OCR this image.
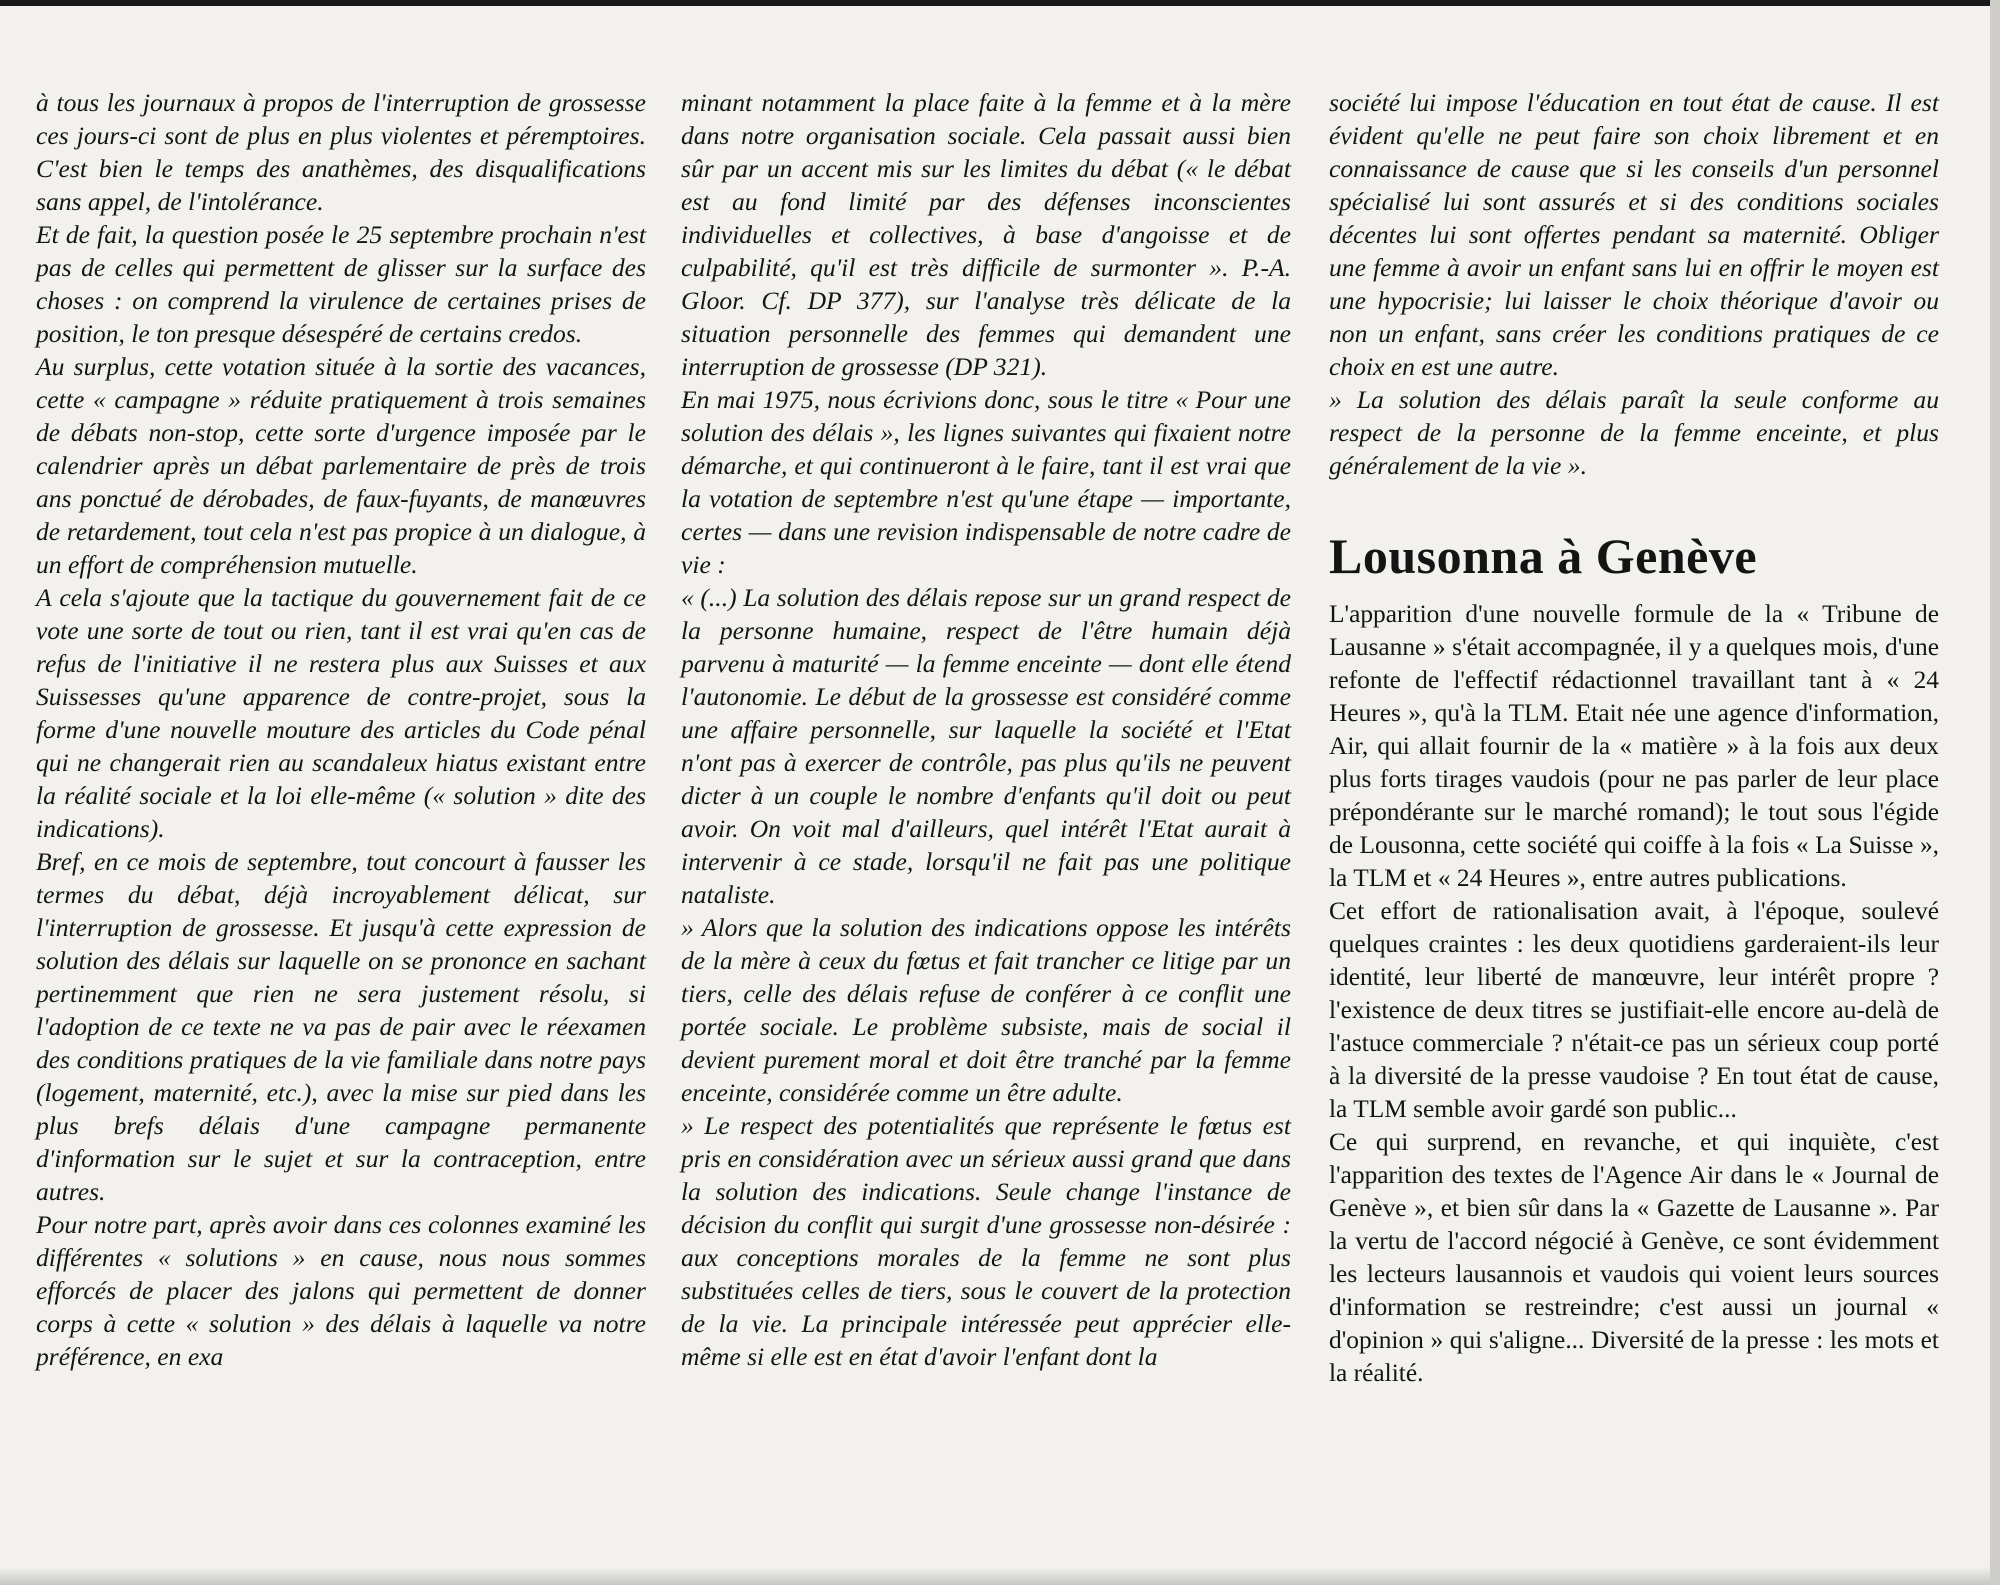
à tous les journaux à propos de l'interruption de grossesse ces jours-ci sont de plus en plus violentes et péremptoires. C'est bien le temps des anathèmes, des disqualifications sans appel, de l'intolérance.

Et de fait, la question posée le 25 septembre prochain n'est pas de celles qui permettent de glisser sur la surface des choses : on comprend la virulence de certaines prises de position, le ton presque désespéré de certains credos.

Au surplus, cette votation située à la sortie des vacances, cette « campagne » réduite pratiquement à trois semaines de débats non-stop, cette sorte d'urgence imposée par le calendrier après un débat parlementaire de près de trois ans ponctué de dérobades, de faux-fuyants, de manœuvres de retardement, tout cela n'est pas propice à un dialogue, à un effort de compréhension mutuelle.

A cela s'ajoute que la tactique du gouvernement fait de ce vote une sorte de tout ou rien, tant il est vrai qu'en cas de refus de l'initiative il ne restera plus aux Suisses et aux Suissesses qu'une apparence de contre-projet, sous la forme d'une nouvelle mouture des articles du Code pénal qui ne changerait rien au scandaleux hiatus existant entre la réalité sociale et la loi elle-même (« solution » dite des indications).

Bref, en ce mois de septembre, tout concourt à fausser les termes du débat, déjà incroyablement délicat, sur l'interruption de grossesse. Et jusqu'à cette expression de solution des délais sur laquelle on se prononce en sachant pertinemment que rien ne sera justement résolu, si l'adoption de ce texte ne va pas de pair avec le réexamen des conditions pratiques de la vie familiale dans notre pays (logement, maternité, etc.), avec la mise sur pied dans les plus brefs délais d'une campagne permanente d'information sur le sujet et sur la contraception, entre autres.

Pour notre part, après avoir dans ces colonnes examiné les différentes « solutions » en cause, nous nous sommes efforcés de placer des jalons qui permettent de donner corps à cette « solution » des délais à laquelle va notre préférence, en exa

minant notamment la place faite à la femme et à la mère dans notre organisation sociale. Cela passait aussi bien sûr par un accent mis sur les limites du débat (« le débat est au fond limité par des défenses inconscientes individuelles et collectives, à base d'angoisse et de culpabilité, qu'il est très difficile de surmonter ». P.-A. Gloor. Cf. DP 377), sur l'analyse très délicate de la situation personnelle des femmes qui demandent une interruption de grossesse (DP 321).

En mai 1975, nous écrivions donc, sous le titre « Pour une solution des délais », les lignes suivantes qui fixaient notre démarche, et qui continueront à le faire, tant il est vrai que la votation de septembre n'est qu'une étape — importante, certes — dans une revision indispensable de notre cadre de vie :

« (...) La solution des délais repose sur un grand respect de la personne humaine, respect de l'être humain déjà parvenu à maturité — la femme enceinte — dont elle étend l'autonomie. Le début de la grossesse est considéré comme une affaire personnelle, sur laquelle la société et l'Etat n'ont pas à exercer de contrôle, pas plus qu'ils ne peuvent dicter à un couple le nombre d'enfants qu'il doit ou peut avoir. On voit mal d'ailleurs, quel intérêt l'Etat aurait à intervenir à ce stade, lorsqu'il ne fait pas une politique nataliste.

» Alors que la solution des indications oppose les intérêts de la mère à ceux du fœtus et fait trancher ce litige par un tiers, celle des délais refuse de conférer à ce conflit une portée sociale. Le problème subsiste, mais de social il devient purement moral et doit être tranché par la femme enceinte, considérée comme un être adulte.

» Le respect des potentialités que représente le fœtus est pris en considération avec un sérieux aussi grand que dans la solution des indications. Seule change l'instance de décision du conflit qui surgit d'une grossesse non-désirée : aux conceptions morales de la femme ne sont plus substituées celles de tiers, sous le couvert de la protection de la vie. La principale intéressée peut apprécier elle-même si elle est en état d'avoir l'enfant dont la

société lui impose l'éducation en tout état de cause. Il est évident qu'elle ne peut faire son choix librement et en connaissance de cause que si les conseils d'un personnel spécialisé lui sont assurés et si des conditions sociales décentes lui sont offertes pendant sa maternité. Obliger une femme à avoir un enfant sans lui en offrir le moyen est une hypocrisie; lui laisser le choix théorique d'avoir ou non un enfant, sans créer les conditions pratiques de ce choix en est une autre.

» La solution des délais paraît la seule conforme au respect de la personne de la femme enceinte, et plus généralement de la vie ».

Lousonna à Genève

L'apparition d'une nouvelle formule de la « Tribune de Lausanne » s'était accompagnée, il y a quelques mois, d'une refonte de l'effectif rédactionnel travaillant tant à « 24 Heures », qu'à la TLM. Etait née une agence d'information, Air, qui allait fournir de la « matière » à la fois aux deux plus forts tirages vaudois (pour ne pas parler de leur place prépondérante sur le marché romand); le tout sous l'égide de Lousonna, cette société qui coiffe à la fois « La Suisse », la TLM et « 24 Heures », entre autres publications.

Cet effort de rationalisation avait, à l'époque, soulevé quelques craintes : les deux quotidiens garderaient-ils leur identité, leur liberté de manœuvre, leur intérêt propre ? l'existence de deux titres se justifiait-elle encore au-delà de l'astuce commerciale ? n'était-ce pas un sérieux coup porté à la diversité de la presse vaudoise ? En tout état de cause, la TLM semble avoir gardé son public...

Ce qui surprend, en revanche, et qui inquiète, c'est l'apparition des textes de l'Agence Air dans le « Journal de Genève », et bien sûr dans la « Gazette de Lausanne ». Par la vertu de l'accord négocié à Genève, ce sont évidemment les lecteurs lausannois et vaudois qui voient leurs sources d'information se restreindre; c'est aussi un journal « d'opinion » qui s'aligne... Diversité de la presse : les mots et la réalité.
